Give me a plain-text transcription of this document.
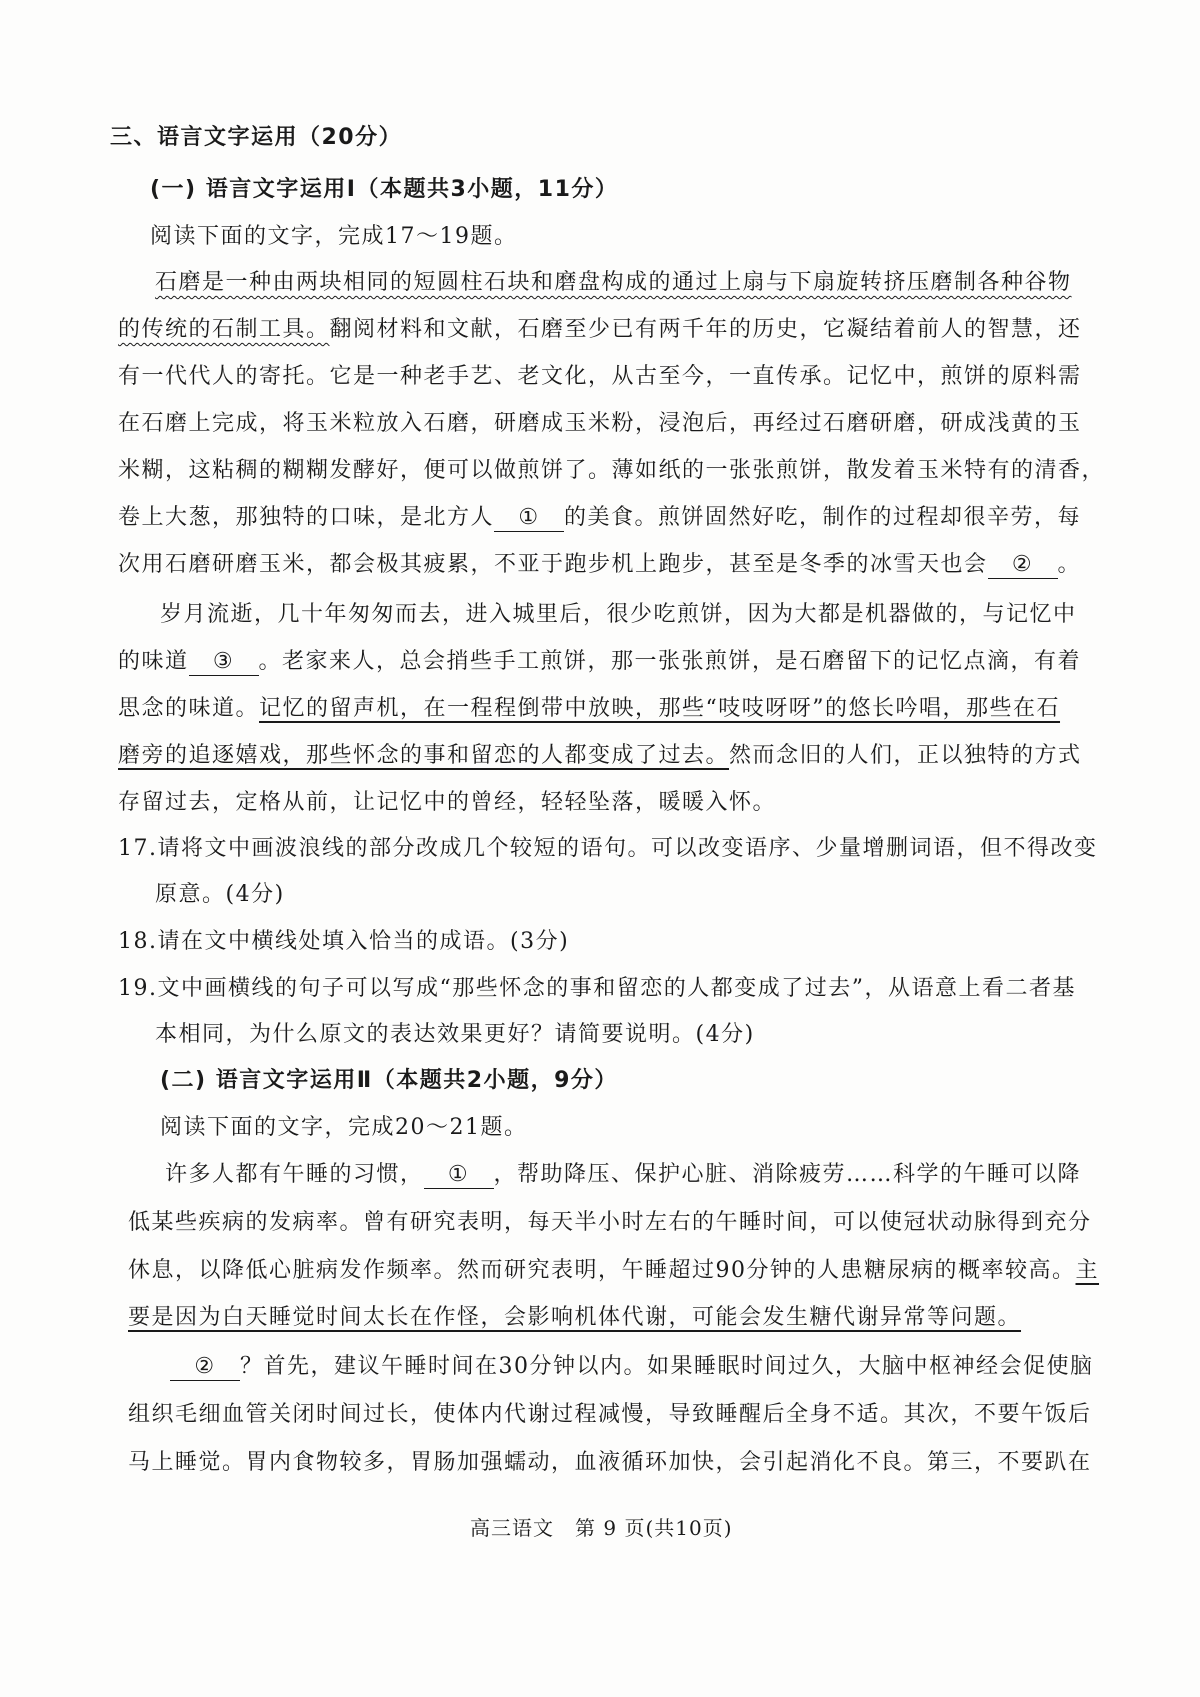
三、语言文字运用（20分）
(一) 语言文字运用Ⅰ（本题共3小题，11分）
阅读下面的文字，完成17～19题。
石磨是一种由两块相同的短圆柱石块和磨盘构成的通过上扇与下扇旋转挤压磨制各种谷物
的传统的石制工具。翻阅材料和文献，石磨至少已有两千年的历史，它凝结着前人的智慧，还
有一代代人的寄托。它是一种老手艺、老文化，从古至今，一直传承。记忆中，煎饼的原料需
在石磨上完成，将玉米粒放入石磨，研磨成玉米粉，浸泡后，再经过石磨研磨，研成浅黄的玉
米糊，这粘稠的糊糊发酵好，便可以做煎饼了。薄如纸的一张张煎饼，散发着玉米特有的清香，
卷上大葱，那独特的口味，是北方人 ① 的美食。煎饼固然好吃，制作的过程却很辛劳，每
次用石磨研磨玉米，都会极其疲累，不亚于跑步机上跑步，甚至是冬季的冰雪天也会 ② 。
岁月流逝，几十年匆匆而去，进入城里后，很少吃煎饼，因为大都是机器做的，与记忆中
的味道 ③ 。老家来人，总会捎些手工煎饼，那一张张煎饼，是石磨留下的记忆点滴，有着
思念的味道。记忆的留声机，在一程程倒带中放映，那些“吱吱呀呀”的悠长吟唱，那些在石
磨旁的追逐嬉戏，那些怀念的事和留恋的人都变成了过去。然而念旧的人们，正以独特的方式
存留过去，定格从前，让记忆中的曾经，轻轻坠落，暖暖入怀。
17.请将文中画波浪线的部分改成几个较短的语句。可以改变语序、少量增删词语，但不得改变
原意。(4分)
18.请在文中横线处填入恰当的成语。(3分)
19.文中画横线的句子可以写成“那些怀念的事和留恋的人都变成了过去”，从语意上看二者基
本相同，为什么原文的表达效果更好？请简要说明。(4分)
(二) 语言文字运用Ⅱ（本题共2小题，9分）
阅读下面的文字，完成20～21题。
许多人都有午睡的习惯， ① ，帮助降压、保护心脏、消除疲劳……科学的午睡可以降
低某些疾病的发病率。曾有研究表明，每天半小时左右的午睡时间，可以使冠状动脉得到充分
休息，以降低心脏病发作频率。然而研究表明，午睡超过90分钟的人患糖尿病的概率较高。主
要是因为白天睡觉时间太长在作怪，会影响机体代谢，可能会发生糖代谢异常等问题。
② ？首先，建议午睡时间在30分钟以内。如果睡眠时间过久，大脑中枢神经会促使脑
组织毛细血管关闭时间过长，使体内代谢过程减慢，导致睡醒后全身不适。其次，不要午饭后
马上睡觉。胃内食物较多，胃肠加强蠕动，血液循环加快，会引起消化不良。第三，不要趴在
高三语文　第 9 页(共10页)
